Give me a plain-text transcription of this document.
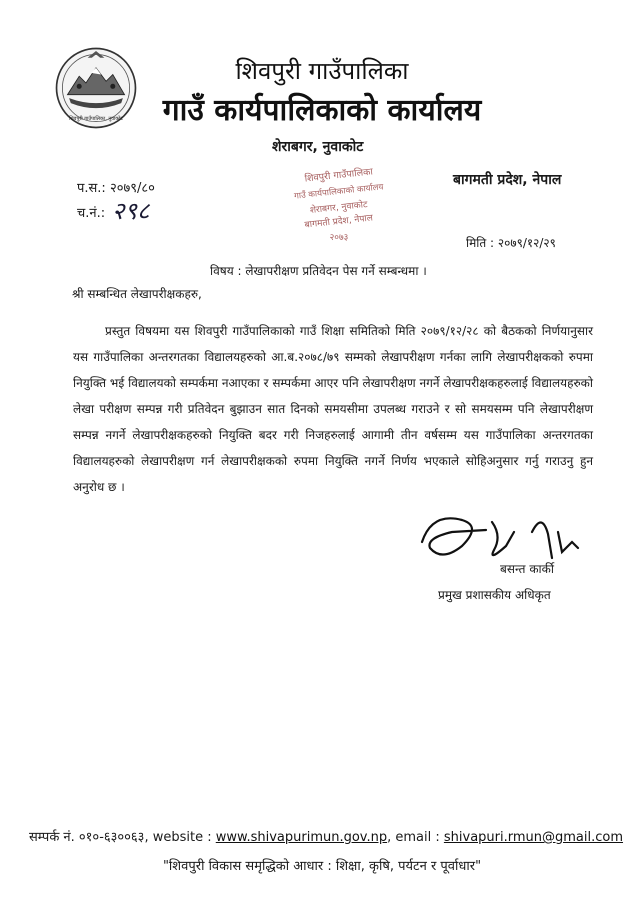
शिवपुरी गाउँपालिका, नुवाकोट
शिवपुरी गाउँपालिका
गाउँ कार्यपालिकाको कार्यालय
शेराबगर, नुवाकोट
बागमती प्रदेश, नेपाल
प.स.: २०७९/८०
च.नं.: २९८
शिवपुरी गाउँपालिका
गाउँ कार्यपालिकाको कार्यालय
शेराबगर, नुवाकोट
बागमती प्रदेश, नेपाल
२०७३	मिति : २०७९/१२/२९
विषय : लेखापरीक्षण प्रतिवेदन पेस गर्ने सम्बन्धमा ।
श्री सम्बन्धित लेखापरीक्षकहरु,
प्रस्तुत विषयमा यस शिवपुरी गाउँपालिकाको गाउँ शिक्षा समितिको मिति २०७९/१२/२८ को बैठकको निर्णयानुसार यस गाउँपालिका अन्तरगतका विद्यालयहरुको आ.ब.२०७८/७९ सम्मको लेखापरीक्षण गर्नका लागि लेखापरीक्षकको रुपमा नियुक्ति भई विद्यालयको सम्पर्कमा नआएका र सम्पर्कमा आएर पनि लेखापरीक्षण नगर्ने लेखापरीक्षकहरुलाई विद्यालयहरुको लेखा परीक्षण सम्पन्न गरी प्रतिवेदन बुझाउन सात दिनको समयसीमा उपलब्ध गराउने र सो समयसम्म पनि लेखापरीक्षण सम्पन्न नगर्ने लेखापरीक्षकहरुको नियुक्ति बदर गरी निजहरुलाई आगामी तीन वर्षसम्म यस गाउँपालिका अन्तरगतका विद्यालयहरुको लेखापरीक्षण गर्न लेखापरीक्षकको रुपमा नियुक्ति नगर्ने निर्णय भएकाले सोहिअनुसार गर्नु गराउनु हुन अनुरोध छ ।
बसन्त कार्की
प्रमुख प्रशासकीय अधिकृत
सम्पर्क नं. ०१०-६३००६३, website : www.shivapurimun.gov.np, email : shivapuri.rmun@gmail.com
"शिवपुरी विकास समृद्धिको आधार : शिक्षा, कृषि, पर्यटन र पूर्वाधार"
